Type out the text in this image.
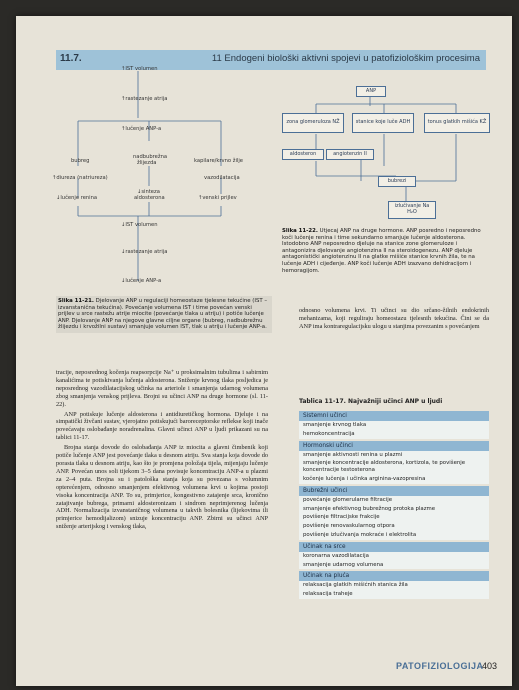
11.7.	11 Endogeni biološki aktivni spojevi u patofiziološkim procesima
↑IST volumen
↑rastezanje atrija
↑lučenje ANP-a
bubreg
nadbubrežna
žlijezda	kapilare/krvno žilje
↑diureza (natriureza)	vazodilatacija
↓lučenje renina
↓sinteza
aldosterona	↑venski prijlev
↓IST volumen
↓rastezanje atrija
↓lučenje ANP-a
ANP
zona glomeruloza NŽ	stanice koje luče ADH	tonus glatkih mišića KŽ
aldosteron	angiotenzin II
bubrezi
izlučivanje Na H₂O
Slika 11-22. Utjecaj ANP na druge hormone. ANP posredno i neposredno koči lučenje renina i time sekundarno smanjuje lučenje aldosterona. Istodobno ANP neposredno djeluje na stanice zone glomeruloze i antagonizira djelovanje angiotenzina II na steroidogenezu. ANP djeluje antagonistički angiotenzinu II na glatke mišiće stanice krvnih žila, te na lučenje ADH i cijeđenje. ANP koči lučenje ADH izazvano dehidracijom i hemoragijom.
Slika 11-21. Djelovanje ANP u regulaciji homeostaze tjelesne tekućine (IST – izvanstanična tekućina). Povećanje volumena IST i time povećan venski prijlev u srce rastežu atrije miocite (povećanje tlaka u atriju) i potiče lučenje ANP. Djelovanje ANP na njegove glavne ciljne organe (bubreg, nadbubrežnu žlijezdu i krvožilni sustav) smanjuje volumen IST, tlak u atriju i lučenje ANP-a.

odnosno volumena krvi. Ti učinci su dio srčano-žilnih endokrinih mehanizama, koji reguliraju homeostazu tjelesnih tekućina. Čini se da ANP ima kontraregulacijsku ulogu u stanjima povezanim s povećanjem

tracije, neposrednog kočenja reapsorpcije Na⁺ u proksimalnim tubulima i sabirnim kanalićima te potiskivanja lučenja aldosterona. Sniženje krvnog tlaka posljedica je neposrednog vazodilatacijskog učinka na arteriole i smanjenja udarnog volumena zbog smanjenja venskog prijleva. Brojni su učinci ANP na druge hormone (sl. 11-22).

ANP potiskuje lučenje aldosterona i antidiuretičkog hormona. Djeluje i na simpatički živčani sustav, vjerojatno potiskujući baroreceptorske reflekse koji inače povećavaju oslobađanje noradrenalina. Glavni učinci ANP u ljudi prikazani su na tablici 11-17.

Brojna stanja dovode do oslobađanja ANP iz miocita a glavni čimbenik koji potiče lučenje ANP jest povećanje tlaka u desnom atriju. Sva stanja koja dovode do porasta tlaka u desnom atriju, kao što je promjena položaja tijela, mijenjaju lučenje ANP. Povećan unos soli tijekom 3–5 dana povisuje koncentraciju ANP-a u plazmi za 2–4 puta. Brojna su i patološka stanja koja su povezana s volumnim opterećenjem, odnosno smanjenjem efektivnog volumena krvi u kojima postoji visoka koncentracija ANP. To su, primjerice, kongestivno zatajenje srca, kronično zatajivanje bubrega, primarni aldosteronizam i sindrom neprimjerenog lučenja ADH. Normalizacija izvanstaničnog volumena u takvih bolesnika (lijekovima ili primjerice hemodijalizom) snizuje koncentraciju ANP. Zbirni su učinci ANP sniženje arterijskog i venskog tlaka,

Tablica 11-17. Najvažniji učinci ANP u ljudi
Sistemni učinci
smanjenje krvnog tlaka
hemokoncentracija
Hormonski učinci
smanjenje aktivnosti renina u plazmi
smanjenje koncentracije aldosterona, kortizola, te povišenje koncentracije testosterona
kočenje lučenja i učinka arginina-vazopresina
Bubrežni učinci
povećanje glomerularne filtracije
smanjenje efektivnog bubrežnog protoka plazme
povišenje filtracijske frakcije
povišenje renovaskularnog otpora
povišenje izlučivanja mokraće i elektrolita
Učinak na srce
koronarna vazodilatacija
smanjenje udarnog volumena
Učinak na pluća
relaksacija glatkih mišićnih stanica žila
relaksacija traheje
PATOFIZIOLOGIJA
403
